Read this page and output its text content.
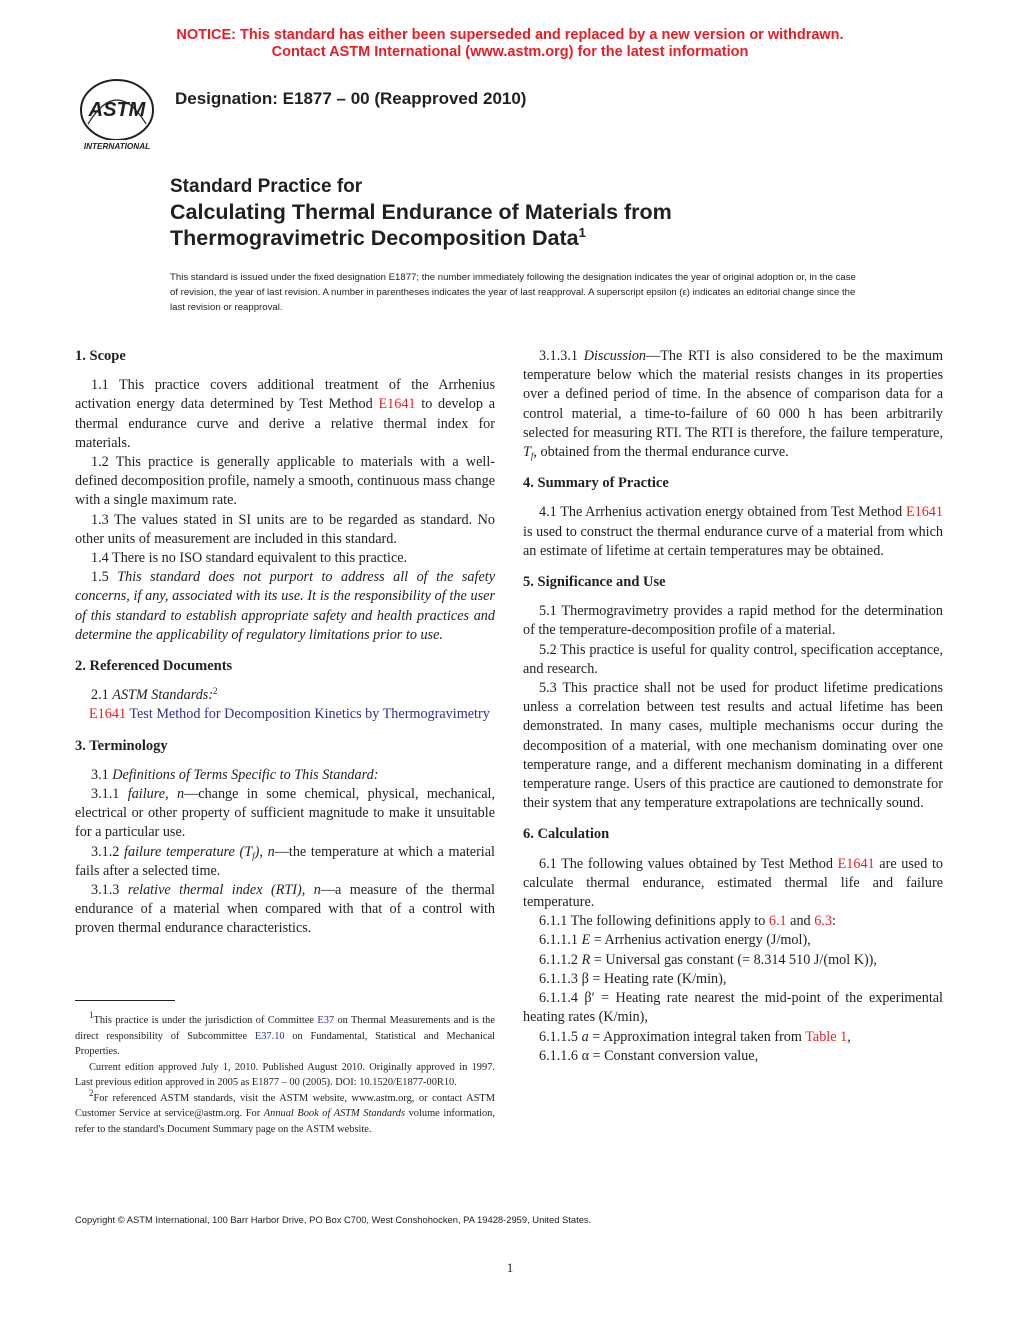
NOTICE: This standard has either been superseded and replaced by a new version or withdrawn.
Contact ASTM International (www.astm.org) for the latest information
ASTM
INTERNATIONAL
Designation: E1877 – 00 (Reapproved 2010)
Standard Practice for
Calculating Thermal Endurance of Materials from
Thermogravimetric Decomposition Data$^1$
This standard is issued under the fixed designation E1877; the number immediately following the designation indicates the year of original adoption or, in the case of revision, the year of last revision. A number in parentheses indicates the year of last reapproval. A superscript epsilon (ε) indicates an editorial change since the last revision or reapproval.
1. Scope

1.1 This practice covers additional treatment of the Arrhenius activation energy data determined by Test Method E1641 to develop a thermal endurance curve and derive a relative thermal index for materials.

1.2 This practice is generally applicable to materials with a well-defined decomposition profile, namely a smooth, continuous mass change with a single maximum rate.

1.3 The values stated in SI units are to be regarded as standard. No other units of measurement are included in this standard.

1.4 There is no ISO standard equivalent to this practice.

1.5 This standard does not purport to address all of the safety concerns, if any, associated with its use. It is the responsibility of the user of this standard to establish appropriate safety and health practices and determine the applicability of regulatory limitations prior to use.

2. Referenced Documents

2.1 ASTM Standards:$^2$

E1641 Test Method for Decomposition Kinetics by Thermogravimetry

3. Terminology

3.1 Definitions of Terms Specific to This Standard:

3.1.1 failure, n—change in some chemical, physical, mechanical, electrical or other property of sufficient magnitude to make it unsuitable for a particular use.

3.1.2 failure temperature $(T_f)$, n—the temperature at which a material fails after a selected time.

3.1.3 relative thermal index (RTI), n—a measure of the thermal endurance of a material when compared with that of a control with proven thermal endurance characteristics.

$^1$This practice is under the jurisdiction of Committee E37 on Thermal Measurements and is the direct responsibility of Subcommittee E37.10 on Fundamental, Statistical and Mechanical Properties.

Current edition approved July 1, 2010. Published August 2010. Originally approved in 1997. Last previous edition approved in 2005 as E1877 – 00 (2005). DOI: 10.1520/E1877-00R10.

$^2$For referenced ASTM standards, visit the ASTM website, www.astm.org, or contact ASTM Customer Service at service@astm.org. For Annual Book of ASTM Standards volume information, refer to the standard's Document Summary page on the ASTM website.

3.1.3.1 Discussion—The RTI is also considered to be the maximum temperature below which the material resists changes in its properties over a defined period of time. In the absence of comparison data for a control material, a time-to-failure of 60 000 h has been arbitrarily selected for measuring RTI. The RTI is therefore, the failure temperature, $T_f$, obtained from the thermal endurance curve.

4. Summary of Practice

4.1 The Arrhenius activation energy obtained from Test Method E1641 is used to construct the thermal endurance curve of a material from which an estimate of lifetime at certain temperatures may be obtained.

5. Significance and Use

5.1 Thermogravimetry provides a rapid method for the determination of the temperature-decomposition profile of a material.

5.2 This practice is useful for quality control, specification acceptance, and research.

5.3 This practice shall not be used for product lifetime predications unless a correlation between test results and actual lifetime has been demonstrated. In many cases, multiple mechanisms occur during the decomposition of a material, with one mechanism dominating over one temperature range, and a different mechanism dominating in a different temperature range. Users of this practice are cautioned to demonstrate for their system that any temperature extrapolations are technically sound.

6. Calculation

6.1 The following values obtained by Test Method E1641 are used to calculate thermal endurance, estimated thermal life and failure temperature.

6.1.1 The following definitions apply to 6.1 and 6.3:

6.1.1.1 E = Arrhenius activation energy (J/mol),

6.1.1.2 R = Universal gas constant (= 8.314 510 J/(mol K)),

6.1.1.3 β = Heating rate (K/min),

6.1.1.4 β′ = Heating rate nearest the mid-point of the experimental heating rates (K/min),

6.1.1.5 a = Approximation integral taken from Table 1,

6.1.1.6 α = Constant conversion value,

Copyright © ASTM International, 100 Barr Harbor Drive, PO Box C700, West Conshohocken, PA 19428-2959, United States.
1
